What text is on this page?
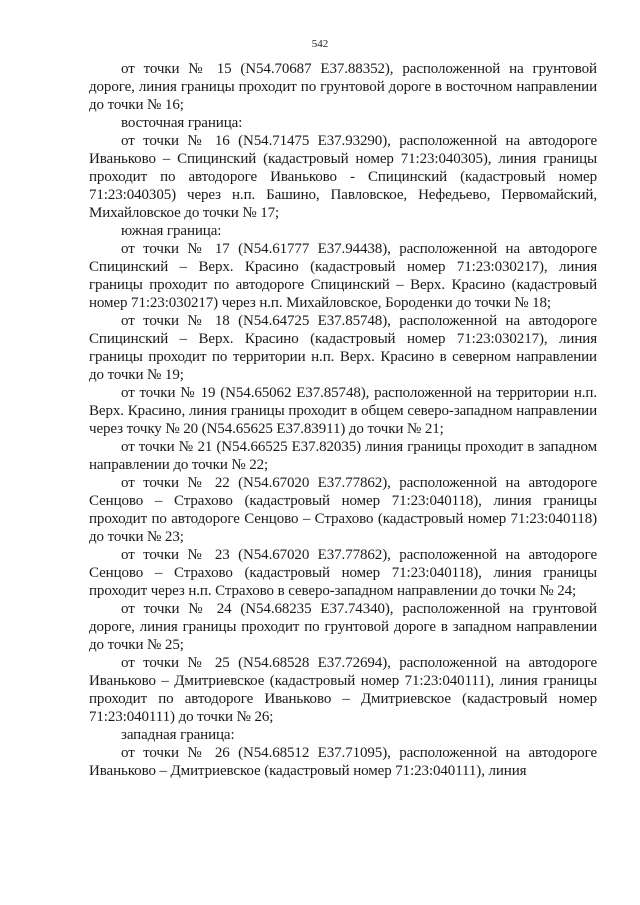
542

от точки № 15 (N54.70687 E37.88352), расположенной на грунтовой дороге, линия границы проходит по грунтовой дороге в восточном направлении до точки № 16;

восточная граница:

от точки № 16 (N54.71475 E37.93290), расположенной на автодороге Иваньково – Спицинский (кадастровый номер 71:23:040305), линия границы проходит по автодороге Иваньково - Спицинский (кадастровый номер 71:23:040305) через н.п. Башино, Павловское, Нефедьево, Первомайский, Михайловское до точки № 17;

южная граница:

от точки № 17 (N54.61777 E37.94438), расположенной на автодороге Спицинский – Верх. Красино (кадастровый номер 71:23:030217), линия границы проходит по автодороге Спицинский – Верх. Красино (кадастровый номер 71:23:030217) через н.п. Михайловское, Бороденки до точки № 18;

от точки № 18 (N54.64725 E37.85748), расположенной на автодороге Спицинский – Верх. Красино (кадастровый номер 71:23:030217), линия границы проходит по территории н.п. Верх. Красино в северном направлении до точки № 19;

от точки № 19 (N54.65062 E37.85748), расположенной на территории н.п. Верх. Красино, линия границы проходит в общем северо-западном направлении через точку № 20 (N54.65625 E37.83911) до точки № 21;

от точки № 21 (N54.66525 E37.82035) линия границы проходит в западном направлении до точки № 22;

от точки № 22 (N54.67020 E37.77862), расположенной на автодороге Сенцово – Страхово (кадастровый номер 71:23:040118), линия границы проходит по автодороге Сенцово – Страхово (кадастровый номер 71:23:040118) до точки № 23;

от точки № 23 (N54.67020 E37.77862), расположенной на автодороге Сенцово – Страхово (кадастровый номер 71:23:040118), линия границы проходит через н.п. Страхово в северо-западном направлении до точки № 24;

от точки № 24 (N54.68235 E37.74340), расположенной на грунтовой дороге, линия границы проходит по грунтовой дороге в западном направлении до точки № 25;

от точки № 25 (N54.68528 E37.72694), расположенной на автодороге Иваньково – Дмитриевское (кадастровый номер 71:23:040111), линия границы проходит по автодороге Иваньково – Дмитриевское (кадастровый номер 71:23:040111) до точки № 26;

западная граница:

от точки № 26 (N54.68512 E37.71095), расположенной на автодороге Иваньково – Дмитриевское (кадастровый номер 71:23:040111), линия
